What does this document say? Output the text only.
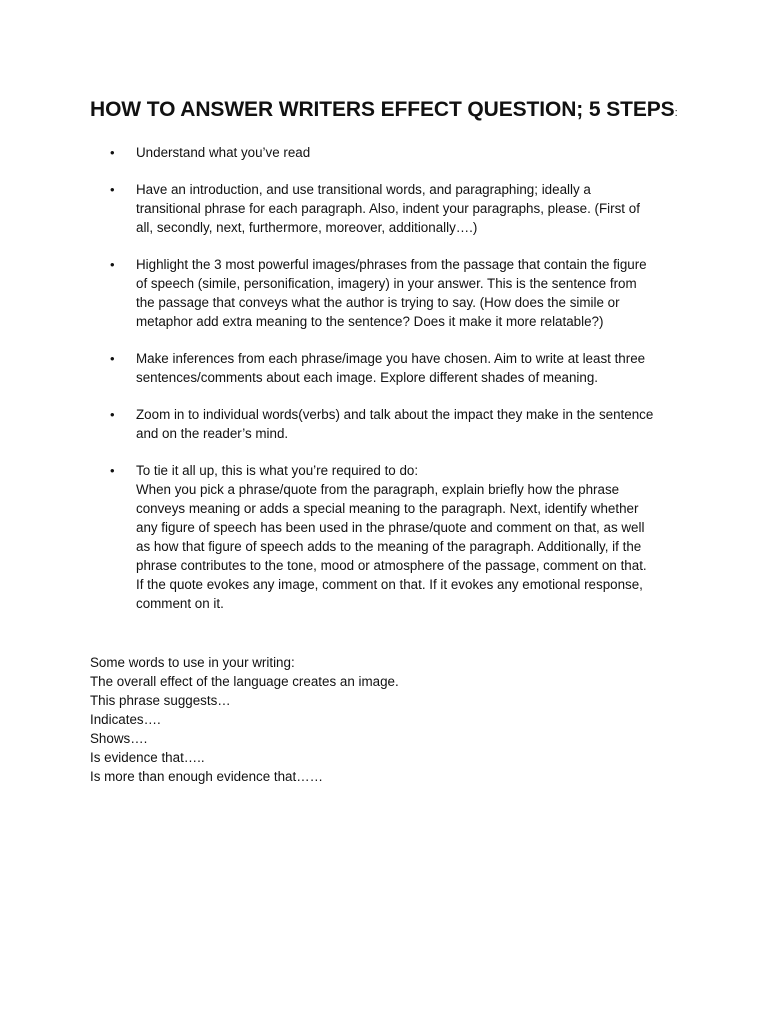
HOW TO ANSWER WRITERS EFFECT QUESTION; 5 STEPS:
• Understand what you’ve read
• Have an introduction, and use transitional words, and paragraphing; ideally a
transitional phrase for each paragraph. Also, indent your paragraphs, please. (First of
all, secondly, next, furthermore, moreover, additionally….)
• Highlight the 3 most powerful images/phrases from the passage that contain the figure
of speech (simile, personification, imagery) in your answer. This is the sentence from
the passage that conveys what the author is trying to say. (How does the simile or
metaphor add extra meaning to the sentence? Does it make it more relatable?)
• Make inferences from each phrase/image you have chosen. Aim to write at least three
sentences/comments about each image. Explore different shades of meaning.
• Zoom in to individual words(verbs) and talk about the impact they make in the sentence
and on the reader’s mind.
• To tie it all up, this is what you’re required to do:
When you pick a phrase/quote from the paragraph, explain briefly how the phrase
conveys meaning or adds a special meaning to the paragraph. Next, identify whether
any figure of speech has been used in the phrase/quote and comment on that, as well
as how that figure of speech adds to the meaning of the paragraph. Additionally, if the
phrase contributes to the tone, mood or atmosphere of the passage, comment on that.
If the quote evokes any image, comment on that. If it evokes any emotional response,
comment on it.
Some words to use in your writing:
The overall effect of the language creates an image.
This phrase suggests…
Indicates….
Shows….
Is evidence that…..
Is more than enough evidence that……
